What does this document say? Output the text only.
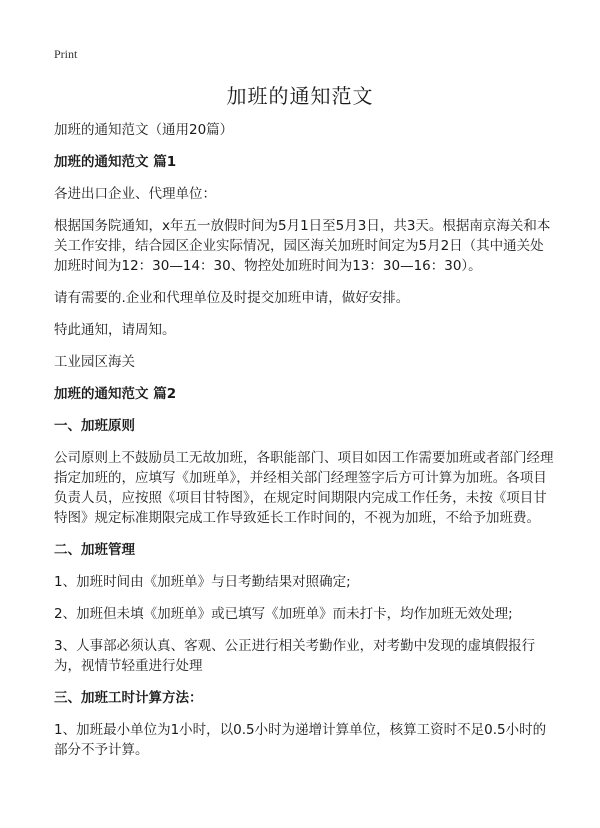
Print
加班的通知范文

加班的通知范文（通用20篇）

加班的通知范文 篇1

各进出口企业、代理单位：

根据国务院通知，x年五一放假时间为5月1日至5月3日，共3天。根据南京海关和本关工作安排，结合园区企业实际情况，园区海关加班时间定为5月2日（其中通关处加班时间为12：30—14：30、物控处加班时间为13：30—16：30）。

请有需要的.企业和代理单位及时提交加班申请，做好安排。

特此通知，请周知。

工业园区海关

加班的通知范文 篇2

一、加班原则

公司原则上不鼓励员工无故加班，各职能部门、项目如因工作需要加班或者部门经理指定加班的，应填写《加班单》，并经相关部门经理签字后方可计算为加班。各项目负责人员，应按照《项目甘特图》，在规定时间期限内完成工作任务，未按《项目甘特图》规定标准期限完成工作导致延长工作时间的，不视为加班，不给予加班费。

二、加班管理

1、加班时间由《加班单》与日考勤结果对照确定;

2、加班但未填《加班单》或已填写《加班单》而未打卡，均作加班无效处理;

3、人事部必须认真、客观、公正进行相关考勤作业，对考勤中发现的虚填假报行为，视情节轻重进行处理

三、加班工时计算方法：

1、加班最小单位为1小时，以0.5小时为递增计算单位，核算工资时不足0.5小时的部分不予计算。
